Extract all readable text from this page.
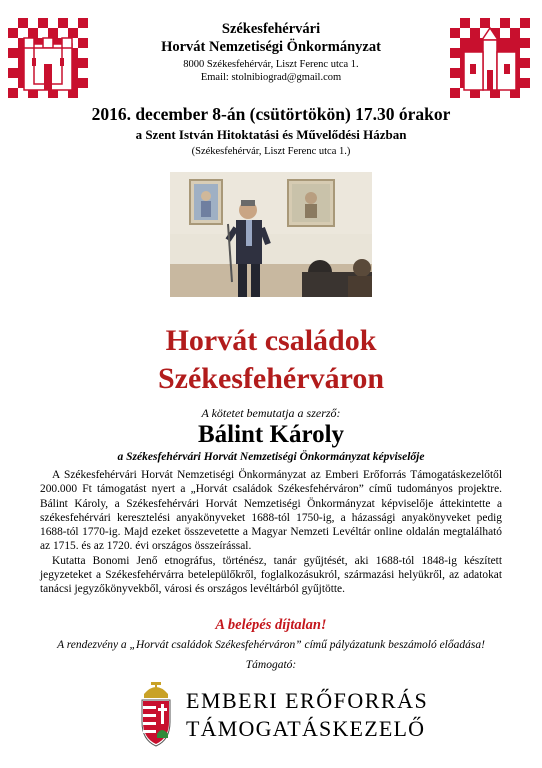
Székesfehérvári
Horvát Nemzetiségi Önkormányzat
8000 Székesfehérvár, Liszt Ferenc utca 1.
Email: stolnibiograd@gmail.com
2016. december 8-án (csütörtökön) 17.30 órakor
a Szent István Hitoktatási és Művelődési Házban
(Székesfehérvár, Liszt Ferenc utca 1.)
Horvát családok
Székesfehérváron
A kötetet bemutatja a szerző:
Bálint Károly
a Székesfehérvári Horvát Nemzetiségi Önkormányzat képviselője

A Székesfehérvári Horvát Nemzetiségi Önkormányzat az Emberi Erőforrás Támogatáskezelőtől 200.000 Ft támogatást nyert a „Horvát családok Székesfehérváron” című tudományos projektre. Bálint Károly, a Székesfehérvári Horvát Nemzetiségi Önkormányzat képviselője áttekintette a székesfehérvári keresztelési anyakönyveket 1688-tól 1750-ig, a házassági anyakönyveket pedig 1688-tól 1770-ig. Majd ezeket összevetette a Magyar Nemzeti Levéltár online oldalán megtalálható az 1715. és az 1720. évi országos összeírással.

Kutatta Bonomi Jenő etnográfus, történész, tanár gyűjtését, aki 1688-tól 1848-ig készített jegyzeteket a Székesfehérvárra betelepülőkről, foglalkozásukról, származási helyükről, az adatokat tanácsi jegyzőkönyvekből, városi és országos levéltárból gyűjtötte.

A belépés díjtalan!
A rendezvény a „Horvát családok Székesfehérváron” című pályázatunk beszámoló előadása!
Támogató:
EMBERI ERŐFORRÁS
TÁMOGATÁSKEZELŐ
